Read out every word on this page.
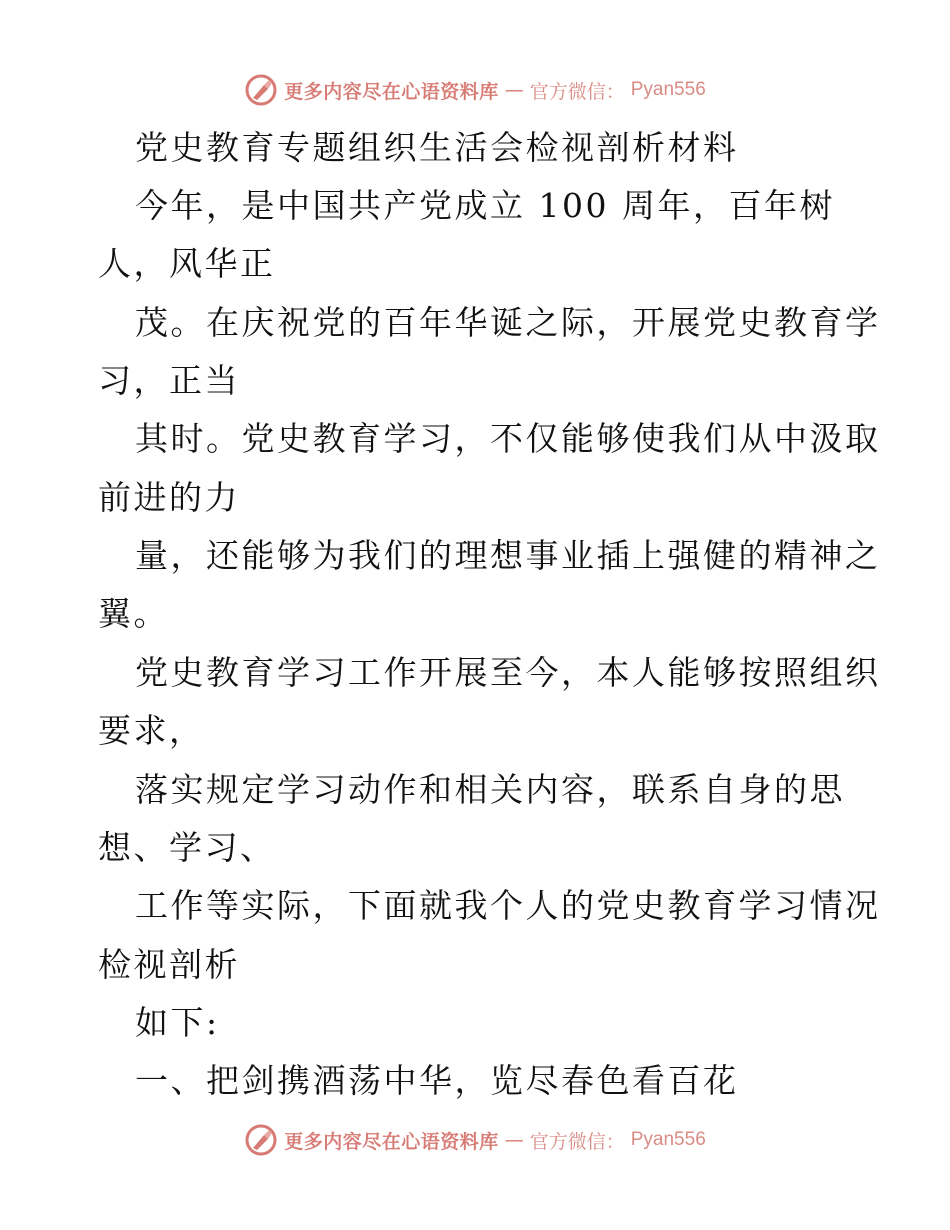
更多内容尽在心语资料库 — 官方微信： Pyan556

党史教育专题组织生活会检视剖析材料

今年，是中国共产党成立 100 周年，百年树

人，风华正

茂。在庆祝党的百年华诞之际，开展党史教育学

习，正当

其时。党史教育学习，不仅能够使我们从中汲取

前进的力

量，还能够为我们的理想事业插上强健的精神之

翼。

党史教育学习工作开展至今，本人能够按照组织

要求，

落实规定学习动作和相关内容，联系自身的思

想、学习、

工作等实际，下面就我个人的党史教育学习情况

检视剖析

如下:

一、把剑携酒荡中华，览尽春色看百花

更多内容尽在心语资料库 — 官方微信： Pyan556
